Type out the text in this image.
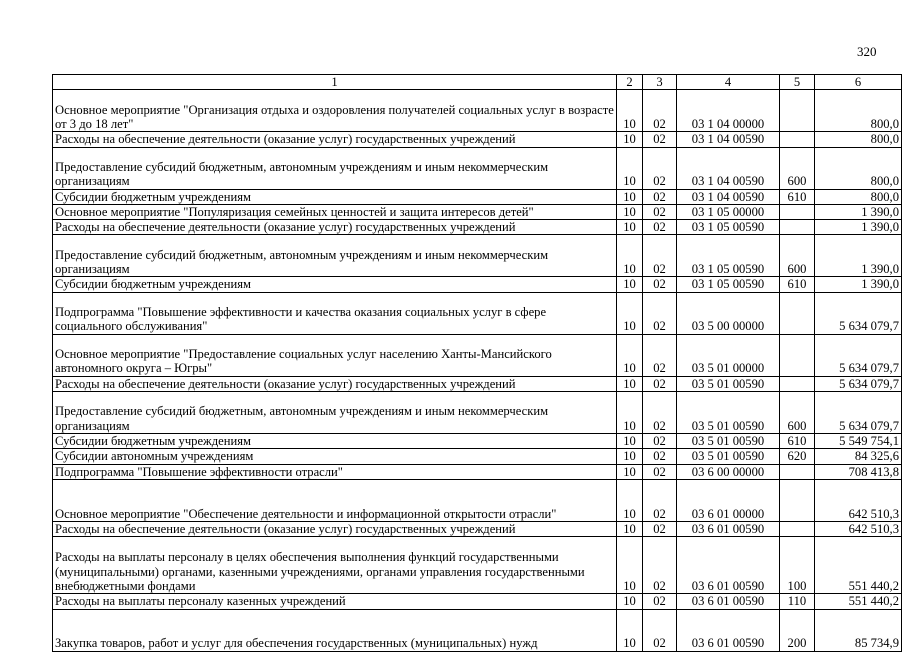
320
1	2	3	4	5	6
Основное мероприятие "Организация отдыха и оздоровления получателей социальных услуг в возрасте от 3 до 18 лет"	10	02	03 1 04 00000		800,0
Расходы на обеспечение деятельности (оказание услуг) государственных учреждений	10	02	03 1 04 00590		800,0
Предоставление субсидий бюджетным, автономным учреждениям и иным некоммерческим организациям	10	02	03 1 04 00590	600	800,0
Субсидии бюджетным учреждениям	10	02	03 1 04 00590	610	800,0
Основное мероприятие "Популяризация семейных ценностей и защита интересов детей"	10	02	03 1 05 00000		1 390,0
Расходы на обеспечение деятельности (оказание услуг) государственных учреждений	10	02	03 1 05 00590		1 390,0
Предоставление субсидий бюджетным, автономным учреждениям и иным некоммерческим организациям	10	02	03 1 05 00590	600	1 390,0
Субсидии бюджетным учреждениям	10	02	03 1 05 00590	610	1 390,0
Подпрограмма "Повышение эффективности и качества оказания социальных услуг в сфере социального обслуживания"	10	02	03 5 00 00000		5 634 079,7
Основное мероприятие "Предоставление социальных услуг населению Ханты-Мансийского автономного округа – Югры"	10	02	03 5 01 00000		5 634 079,7
Расходы на обеспечение деятельности (оказание услуг) государственных учреждений	10	02	03 5 01 00590		5 634 079,7
Предоставление субсидий бюджетным, автономным учреждениям и иным некоммерческим организациям	10	02	03 5 01 00590	600	5 634 079,7
Субсидии бюджетным учреждениям	10	02	03 5 01 00590	610	5 549 754,1
Субсидии автономным учреждениям	10	02	03 5 01 00590	620	84 325,6
Подпрограмма "Повышение эффективности отрасли"	10	02	03 6 00 00000		708 413,8
Основное мероприятие "Обеспечение деятельности и информационной открытости отрасли"	10	02	03 6 01 00000		642 510,3
Расходы на обеспечение деятельности (оказание услуг) государственных учреждений	10	02	03 6 01 00590		642 510,3
Расходы на выплаты персоналу в целях обеспечения выполнения функций государственными (муниципальными) органами, казенными учреждениями, органами управления государственными внебюджетными фондами	10	02	03 6 01 00590	100	551 440,2
Расходы на выплаты персоналу казенных учреждений	10	02	03 6 01 00590	110	551 440,2
Закупка товаров, работ и услуг для обеспечения государственных (муниципальных) нужд	10	02	03 6 01 00590	200	85 734,9
